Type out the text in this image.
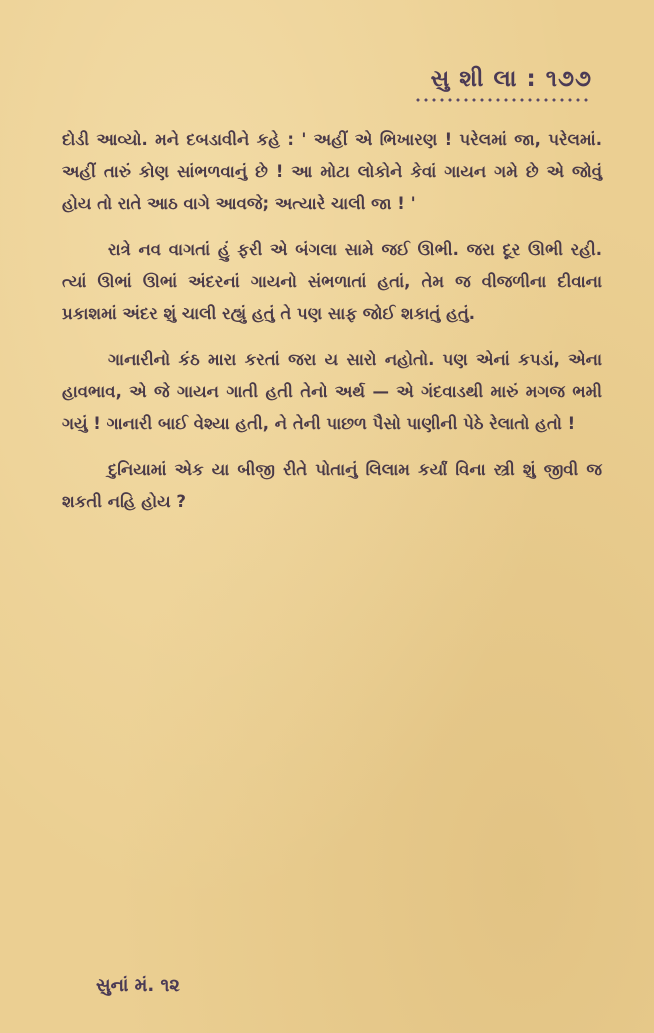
સુ શી લા : ૧૭૭

દોડી આવ્યો. મને દબડાવીને કહે : ' અહીં એ ભિખારણ ! પરેલમાં જા, પરેલમાં. અહીં તારું કોણ સાંભળવાનું છે ! આ મોટા લોકોને કેવાં ગાયન ગમે છે એ જોવું હોય તો રાતે આઠ વાગે આવજે; અત્યારે ચાલી જા ! '

રાત્રે નવ વાગતાં હું ફરી એ બંગલા સામે જઈ ઊભી. જરા દૂર ઊભી રહી. ત્યાં ઊભાં ઊભાં અંદરનાં ગાયનો સંભળાતાં હતાં, તેમ જ વીજળીના દીવાના પ્રકાશમાં અંદર શું ચાલી રહ્યું હતું તે પણ સાફ જોઈ શકાતું હતું.

ગાનારીનો કંઠ મારા કરતાં જરા ય સારો નહોતો. પણ એનાં કપડાં, એના હાવભાવ, એ જે ગાયન ગાતી હતી તેનો અર્થ — એ ગંદવાડથી મારું મગજ ભમી ગયું ! ગાનારી બાઈ વેશ્યા હતી, ને તેની પાછળ પૈસો પાણીની પેઠે રેલાતો હતો !

દુનિયામાં એક યા બીજી રીતે પોતાનું લિલામ કર્યાં વિના સ્ત્રી શું જીવી જ શકતી નહિ હોય ?

સુનાં મં. ૧૨
